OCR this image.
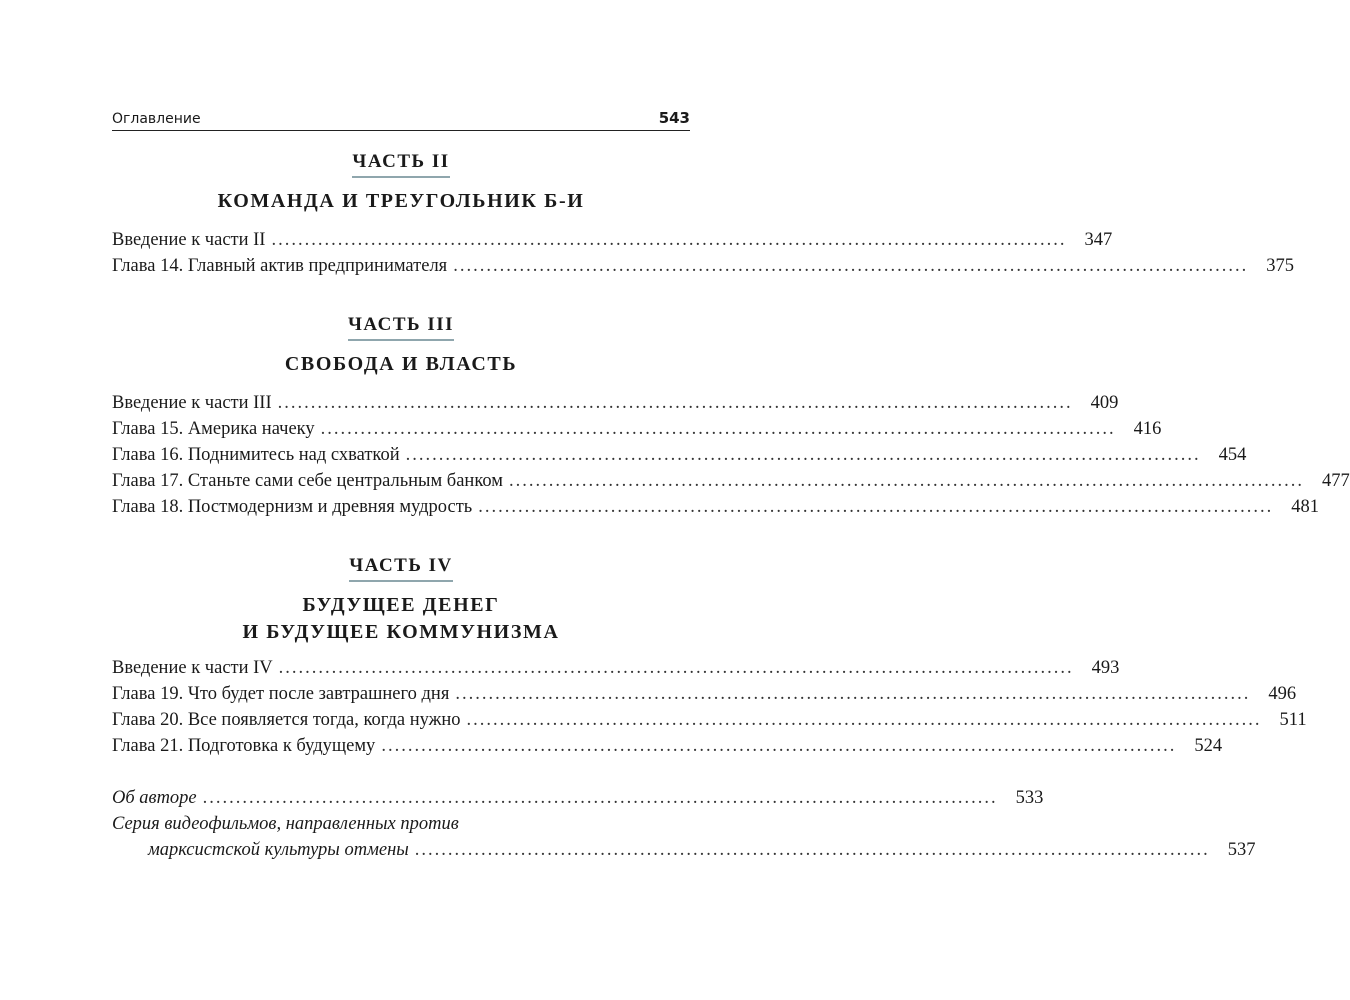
Оглавление	543
ЧАСТЬ II
КОМАНДА И ТРЕУГОЛЬНИК Б-И
Введение к части II ........................................................................................................................ 347
Глава 14. Главный актив предпринимателя ........................................................................................................................ 375
ЧАСТЬ III
СВОБОДА И ВЛАСТЬ
Введение к части III ........................................................................................................................ 409
Глава 15. Америка начеку ........................................................................................................................ 416
Глава 16. Поднимитесь над схваткой ........................................................................................................................ 454
Глава 17. Станьте сами себе центральным банком ........................................................................................................................ 477
Глава 18. Постмодернизм и древняя мудрость ........................................................................................................................ 481
ЧАСТЬ IV
БУДУЩЕЕ ДЕНЕГ
И БУДУЩЕЕ КОММУНИЗМА
Введение к части IV ........................................................................................................................ 493
Глава 19. Что будет после завтрашнего дня ........................................................................................................................ 496
Глава 20. Все появляется тогда, когда нужно ........................................................................................................................ 511
Глава 21. Подготовка к будущему ........................................................................................................................ 524
Об авторе ........................................................................................................................ 533
Серия видеофильмов, направленных против
марксистской культуры отмены ........................................................................................................................ 537
